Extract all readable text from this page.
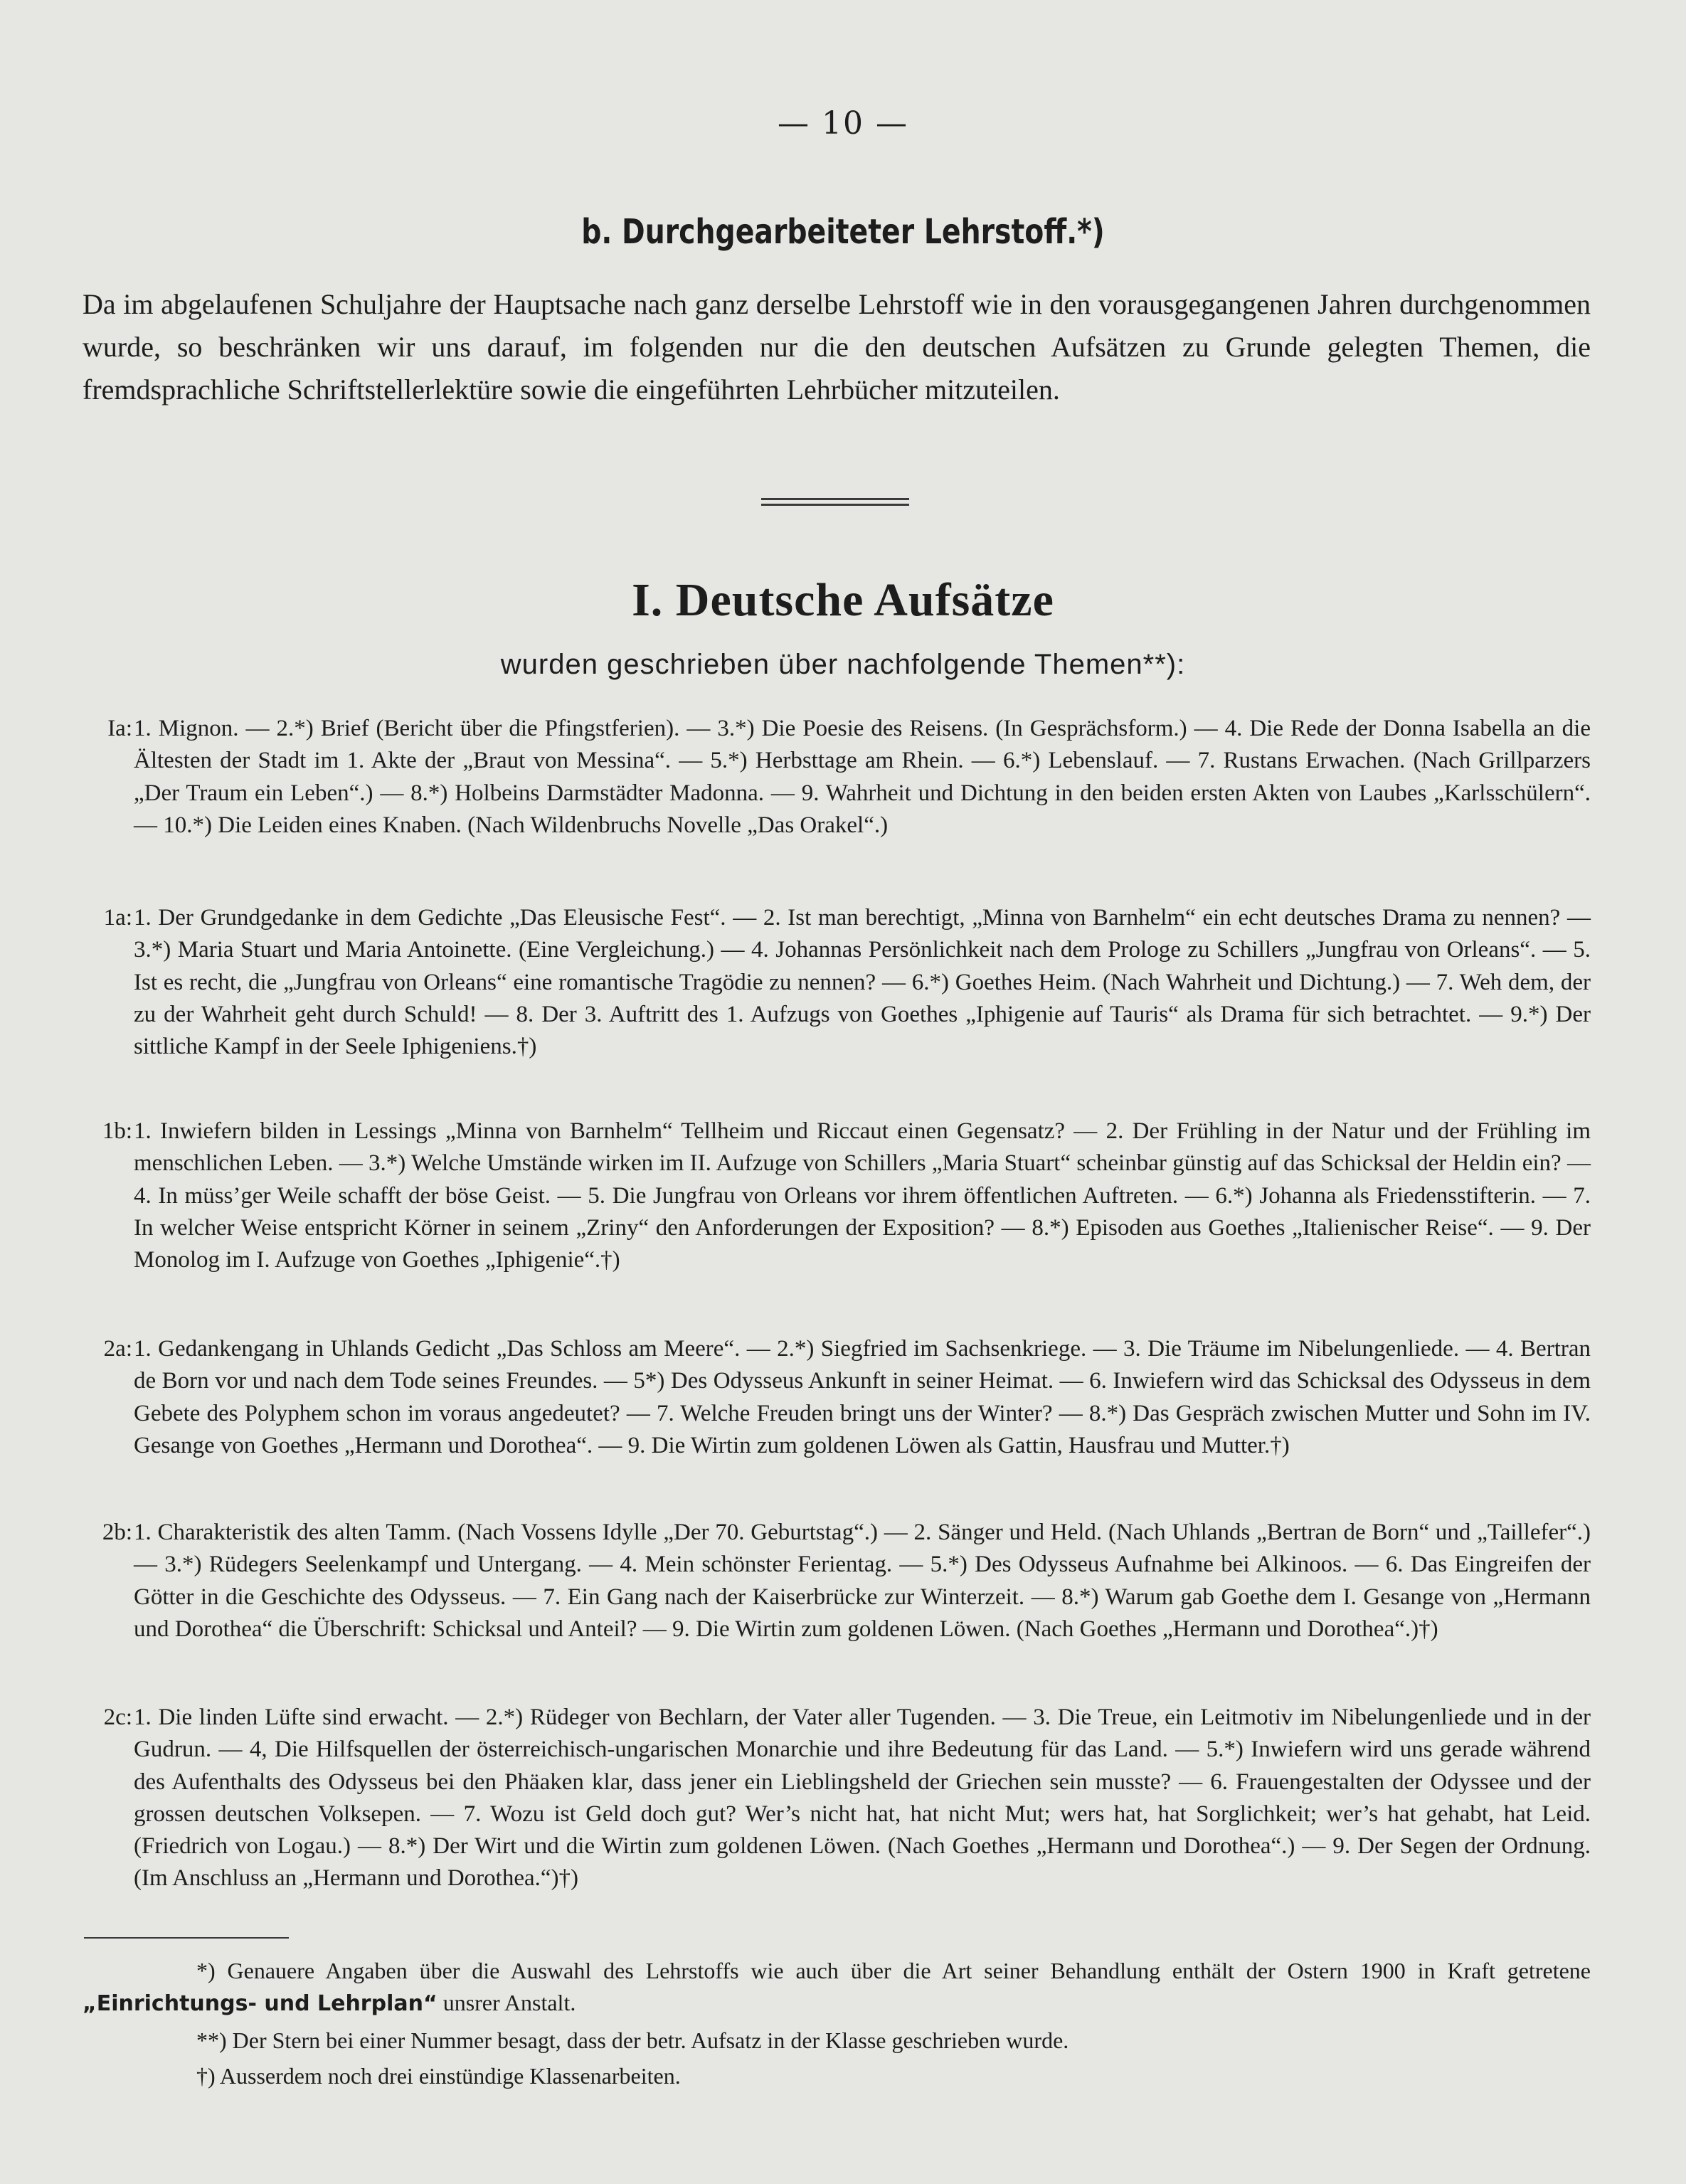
— 10 —
b. Durchgearbeiteter Lehrstoff.*)
Da im abgelaufenen Schuljahre der Hauptsache nach ganz derselbe Lehrstoff wie in den vorausgegangenen Jahren durchgenommen wurde, so beschränken wir uns darauf, im folgenden nur die den deutschen Aufsätzen zu Grunde gelegten Themen, die fremdsprachliche Schriftstellerlektüre sowie die eingeführten Lehrbücher mitzuteilen.
I. Deutsche Aufsätze
wurden geschrieben über nachfolgende Themen**):
Ia: 1. Mignon. — 2.*) Brief (Bericht über die Pfingstferien). — 3.*) Die Poesie des Reisens. (In Gesprächsform.) — 4. Die Rede der Donna Isabella an die Ältesten der Stadt im 1. Akte der „Braut von Messina“. — 5.*) Herbsttage am Rhein. — 6.*) Lebenslauf. — 7. Rustans Erwachen. (Nach Grillparzers „Der Traum ein Leben“.) — 8.*) Holbeins Darmstädter Madonna. — 9. Wahrheit und Dichtung in den beiden ersten Akten von Laubes „Karlsschülern“. — 10.*) Die Leiden eines Knaben. (Nach Wildenbruchs Novelle „Das Orakel“.)
1a: 1. Der Grundgedanke in dem Gedichte „Das Eleusische Fest“. — 2. Ist man berechtigt, „Minna von Barnhelm“ ein echt deutsches Drama zu nennen? — 3.*) Maria Stuart und Maria Antoinette. (Eine Vergleichung.) — 4. Johannas Persönlichkeit nach dem Prologe zu Schillers „Jungfrau von Orleans“. — 5. Ist es recht, die „Jungfrau von Orleans“ eine romantische Tragödie zu nennen? — 6.*) Goethes Heim. (Nach Wahrheit und Dichtung.) — 7. Weh dem, der zu der Wahrheit geht durch Schuld! — 8. Der 3. Auftritt des 1. Aufzugs von Goethes „Iphigenie auf Tauris“ als Drama für sich betrachtet. — 9.*) Der sittliche Kampf in der Seele Iphigeniens.†)
1b: 1. Inwiefern bilden in Lessings „Minna von Barnhelm“ Tellheim und Riccaut einen Gegensatz? — 2. Der Frühling in der Natur und der Frühling im menschlichen Leben. — 3.*) Welche Umstände wirken im II. Aufzuge von Schillers „Maria Stuart“ scheinbar günstig auf das Schicksal der Heldin ein? — 4. In müss’ger Weile schafft der böse Geist. — 5. Die Jungfrau von Orleans vor ihrem öffentlichen Auftreten. — 6.*) Johanna als Friedensstifterin. — 7. In welcher Weise entspricht Körner in seinem „Zriny“ den Anforderungen der Exposition? — 8.*) Episoden aus Goethes „Italienischer Reise“. — 9. Der Monolog im I. Aufzuge von Goethes „Iphigenie“.†)
2a: 1. Gedankengang in Uhlands Gedicht „Das Schloss am Meere“. — 2.*) Siegfried im Sachsenkriege. — 3. Die Träume im Nibelungenliede. — 4. Bertran de Born vor und nach dem Tode seines Freundes. — 5*) Des Odysseus Ankunft in seiner Heimat. — 6. Inwiefern wird das Schicksal des Odysseus in dem Gebete des Polyphem schon im voraus angedeutet? — 7. Welche Freuden bringt uns der Winter? — 8.*) Das Gespräch zwischen Mutter und Sohn im IV. Gesange von Goethes „Hermann und Dorothea“. — 9. Die Wirtin zum goldenen Löwen als Gattin, Hausfrau und Mutter.†)
2b: 1. Charakteristik des alten Tamm. (Nach Vossens Idylle „Der 70. Geburtstag“.) — 2. Sänger und Held. (Nach Uhlands „Bertran de Born“ und „Taillefer“.) — 3.*) Rüdegers Seelenkampf und Untergang. — 4. Mein schönster Ferientag. — 5.*) Des Odysseus Aufnahme bei Alkinoos. — 6. Das Eingreifen der Götter in die Geschichte des Odysseus. — 7. Ein Gang nach der Kaiserbrücke zur Winterzeit. — 8.*) Warum gab Goethe dem I. Gesange von „Hermann und Dorothea“ die Überschrift: Schicksal und Anteil? — 9. Die Wirtin zum goldenen Löwen. (Nach Goethes „Hermann und Dorothea“.)†)
2c: 1. Die linden Lüfte sind erwacht. — 2.*) Rüdeger von Bechlarn, der Vater aller Tugenden. — 3. Die Treue, ein Leitmotiv im Nibelungenliede und in der Gudrun. — 4, Die Hilfsquellen der österreichisch-ungarischen Monarchie und ihre Bedeutung für das Land. — 5.*) Inwiefern wird uns gerade während des Aufenthalts des Odysseus bei den Phäaken klar, dass jener ein Lieblingsheld der Griechen sein musste? — 6. Frauengestalten der Odyssee und der grossen deutschen Volksepen. — 7. Wozu ist Geld doch gut? Wer’s nicht hat, hat nicht Mut; wers hat, hat Sorglichkeit; wer’s hat gehabt, hat Leid. (Friedrich von Logau.) — 8.*) Der Wirt und die Wirtin zum goldenen Löwen. (Nach Goethes „Hermann und Dorothea“.) — 9. Der Segen der Ordnung. (Im Anschluss an „Hermann und Dorothea.“)†)
*) Genauere Angaben über die Auswahl des Lehrstoffs wie auch über die Art seiner Behandlung enthält der Ostern 1900 in Kraft getretene „Einrichtungs- und Lehrplan“ unsrer Anstalt.
**) Der Stern bei einer Nummer besagt, dass der betr. Aufsatz in der Klasse geschrieben wurde.
†) Ausserdem noch drei einstündige Klassenarbeiten.
